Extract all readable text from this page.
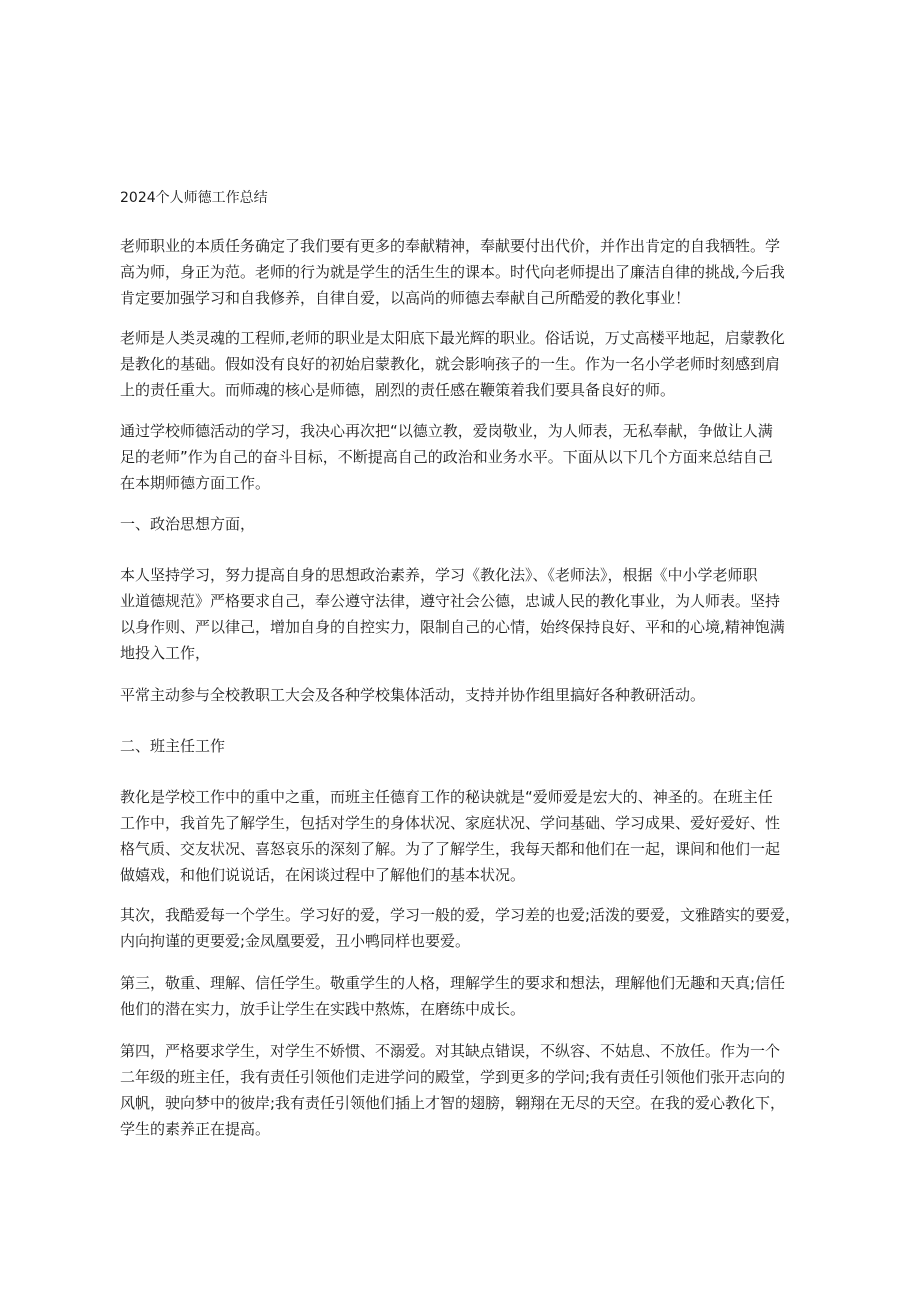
2024个人师德工作总结
老师职业的本质任务确定了我们要有更多的奉献精神，奉献要付出代价，并作出肯定的自我牺牲。学
高为师，身正为范。老师的行为就是学生的活生生的课本。时代向老师提出了廉洁自律的挑战,今后我
肯定要加强学习和自我修养，自律自爱，以高尚的师德去奉献自己所酷爱的教化事业！
老师是人类灵魂的工程师,老师的职业是太阳底下最光辉的职业。俗话说，万丈高楼平地起，启蒙教化
是教化的基础。假如没有良好的初始启蒙教化，就会影响孩子的一生。作为一名小学老师时刻感到肩
上的责任重大。而师魂的核心是师德，剧烈的责任感在鞭策着我们要具备良好的师。
通过学校师德活动的学习，我决心再次把“以德立教，爱岗敬业，为人师表，无私奉献，争做让人满
足的老师”作为自己的奋斗目标，不断提高自己的政治和业务水平。下面从以下几个方面来总结自己
在本期师德方面工作。
一、政治思想方面，
本人坚持学习，努力提高自身的思想政治素养，学习《教化法》、《老师法》，根据《中小学老师职
业道德规范》严格要求自己，奉公遵守法律，遵守社会公德，忠诚人民的教化事业，为人师表。坚持
以身作则、严以律己，增加自身的自控实力，限制自己的心情，始终保持良好、平和的心境,精神饱满
地投入工作，
平常主动参与全校教职工大会及各种学校集体活动，支持并协作组里搞好各种教研活动。
二、班主任工作
教化是学校工作中的重中之重，而班主任德育工作的秘诀就是“爱师爱是宏大的、神圣的。在班主任
工作中，我首先了解学生，包括对学生的身体状况、家庭状况、学问基础、学习成果、爱好爱好、性
格气质、交友状况、喜怒哀乐的深刻了解。为了了解学生，我每天都和他们在一起，课间和他们一起
做嬉戏，和他们说说话，在闲谈过程中了解他们的基本状况。
其次，我酷爱每一个学生。学习好的爱，学习一般的爱，学习差的也爱;活泼的要爱，文雅踏实的要爱，
内向拘谨的更要爱;金凤凰要爱，丑小鸭同样也要爱。
第三，敬重、理解、信任学生。敬重学生的人格，理解学生的要求和想法，理解他们无趣和天真;信任
他们的潜在实力，放手让学生在实践中熬炼，在磨练中成长。
第四，严格要求学生，对学生不娇惯、不溺爱。对其缺点错误，不纵容、不姑息、不放任。作为一个
二年级的班主任，我有责任引领他们走进学问的殿堂，学到更多的学问;我有责任引领他们张开志向的
风帆，驶向梦中的彼岸;我有责任引领他们插上才智的翅膀，翱翔在无尽的天空。在我的爱心教化下，
学生的素养正在提高。
